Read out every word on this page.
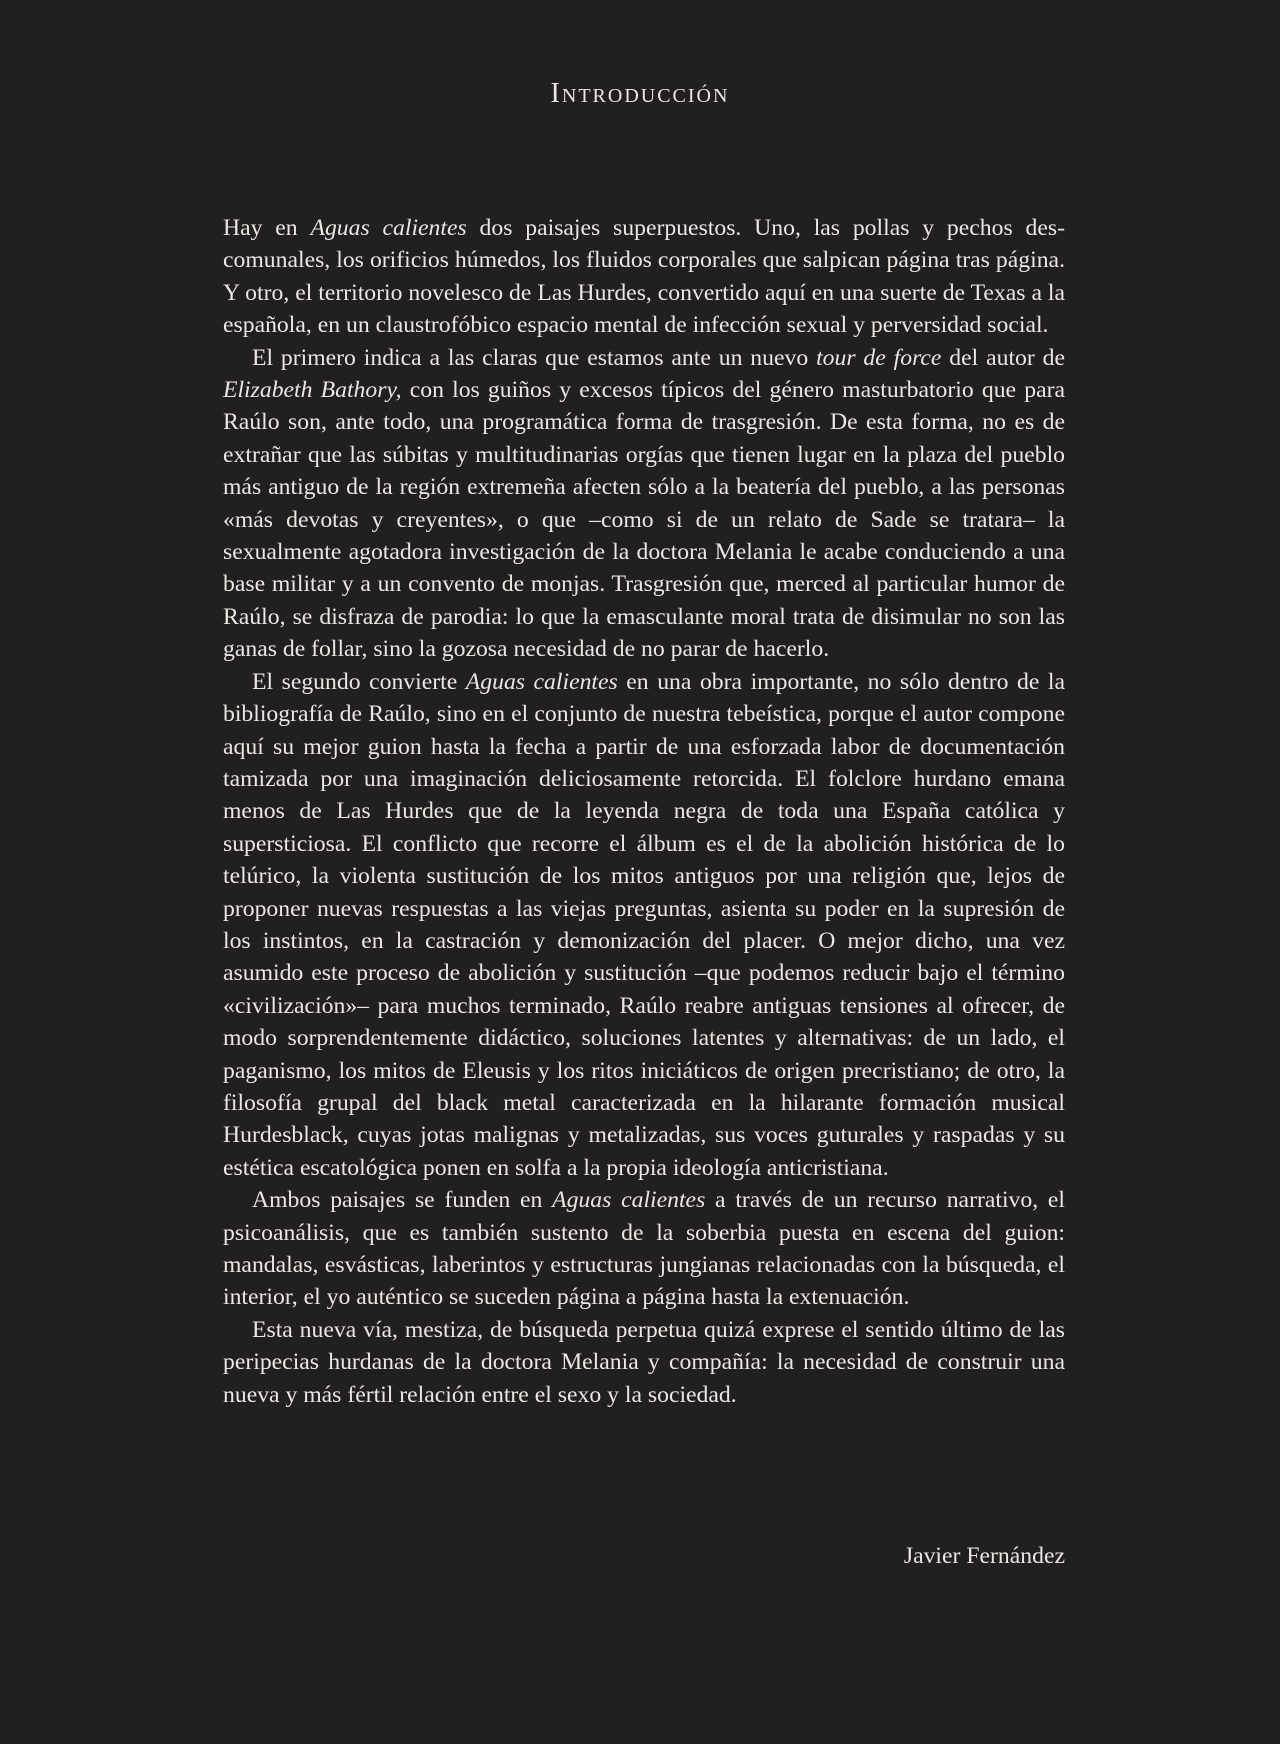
Introducción

Hay en Aguas calientes dos paisajes superpuestos. Uno, las pollas y pechos descomunales, los orificios húmedos, los fluidos corporales que salpican página tras página. Y otro, el territorio novelesco de Las Hurdes, convertido aquí en una suerte de Texas a la española, en un claustrofóbico espacio mental de infección sexual y perversidad social.

El primero indica a las claras que estamos ante un nuevo tour de force del autor de Elizabeth Bathory, con los guiños y excesos típicos del género masturbatorio que para Raúlo son, ante todo, una programática forma de trasgresión. De esta forma, no es de extrañar que las súbitas y multitudinarias orgías que tienen lugar en la plaza del pueblo más antiguo de la región extremeña afecten sólo a la beatería del pueblo, a las personas «más devotas y creyentes», o que –como si de un relato de Sade se tratara– la sexualmente agotadora investigación de la doctora Melania le acabe conduciendo a una base militar y a un convento de monjas. Trasgresión que, merced al particular humor de Raúlo, se disfraza de parodia: lo que la emasculante moral trata de disimular no son las ganas de follar, sino la gozosa necesidad de no parar de hacerlo.

El segundo convierte Aguas calientes en una obra importante, no sólo dentro de la bibliografía de Raúlo, sino en el conjunto de nuestra tebeística, porque el autor compone aquí su mejor guion hasta la fecha a partir de una esforzada labor de documentación tamizada por una imaginación deliciosamente retorcida. El folclore hurdano emana menos de Las Hurdes que de la leyenda negra de toda una España católica y supersticiosa. El conflicto que recorre el álbum es el de la abolición histórica de lo telúrico, la violenta sustitución de los mitos antiguos por una religión que, lejos de proponer nuevas respuestas a las viejas preguntas, asienta su poder en la supresión de los instintos, en la castración y demonización del placer. O mejor dicho, una vez asumido este proceso de abolición y sustitución –que podemos reducir bajo el término «civilización»– para muchos terminado, Raúlo reabre antiguas tensiones al ofrecer, de modo sorprendentemente didáctico, soluciones latentes y alternativas: de un lado, el paganismo, los mitos de Eleusis y los ritos iniciáticos de origen precristiano; de otro, la filosofía grupal del black metal caracterizada en la hilarante formación musical Hurdesblack, cuyas jotas malignas y metalizadas, sus voces guturales y raspadas y su estética escatológica ponen en solfa a la propia ideología anticristiana.

Ambos paisajes se funden en Aguas calientes a través de un recurso narrativo, el psicoanálisis, que es también sustento de la soberbia puesta en escena del guion: mandalas, esvásticas, laberintos y estructuras jungianas relacionadas con la búsqueda, el interior, el yo auténtico se suceden página a página hasta la extenuación.

Esta nueva vía, mestiza, de búsqueda perpetua quizá exprese el sentido último de las peripecias hurdanas de la doctora Melania y compañía: la necesidad de construir una nueva y más fértil relación entre el sexo y la sociedad.

Javier Fernández
